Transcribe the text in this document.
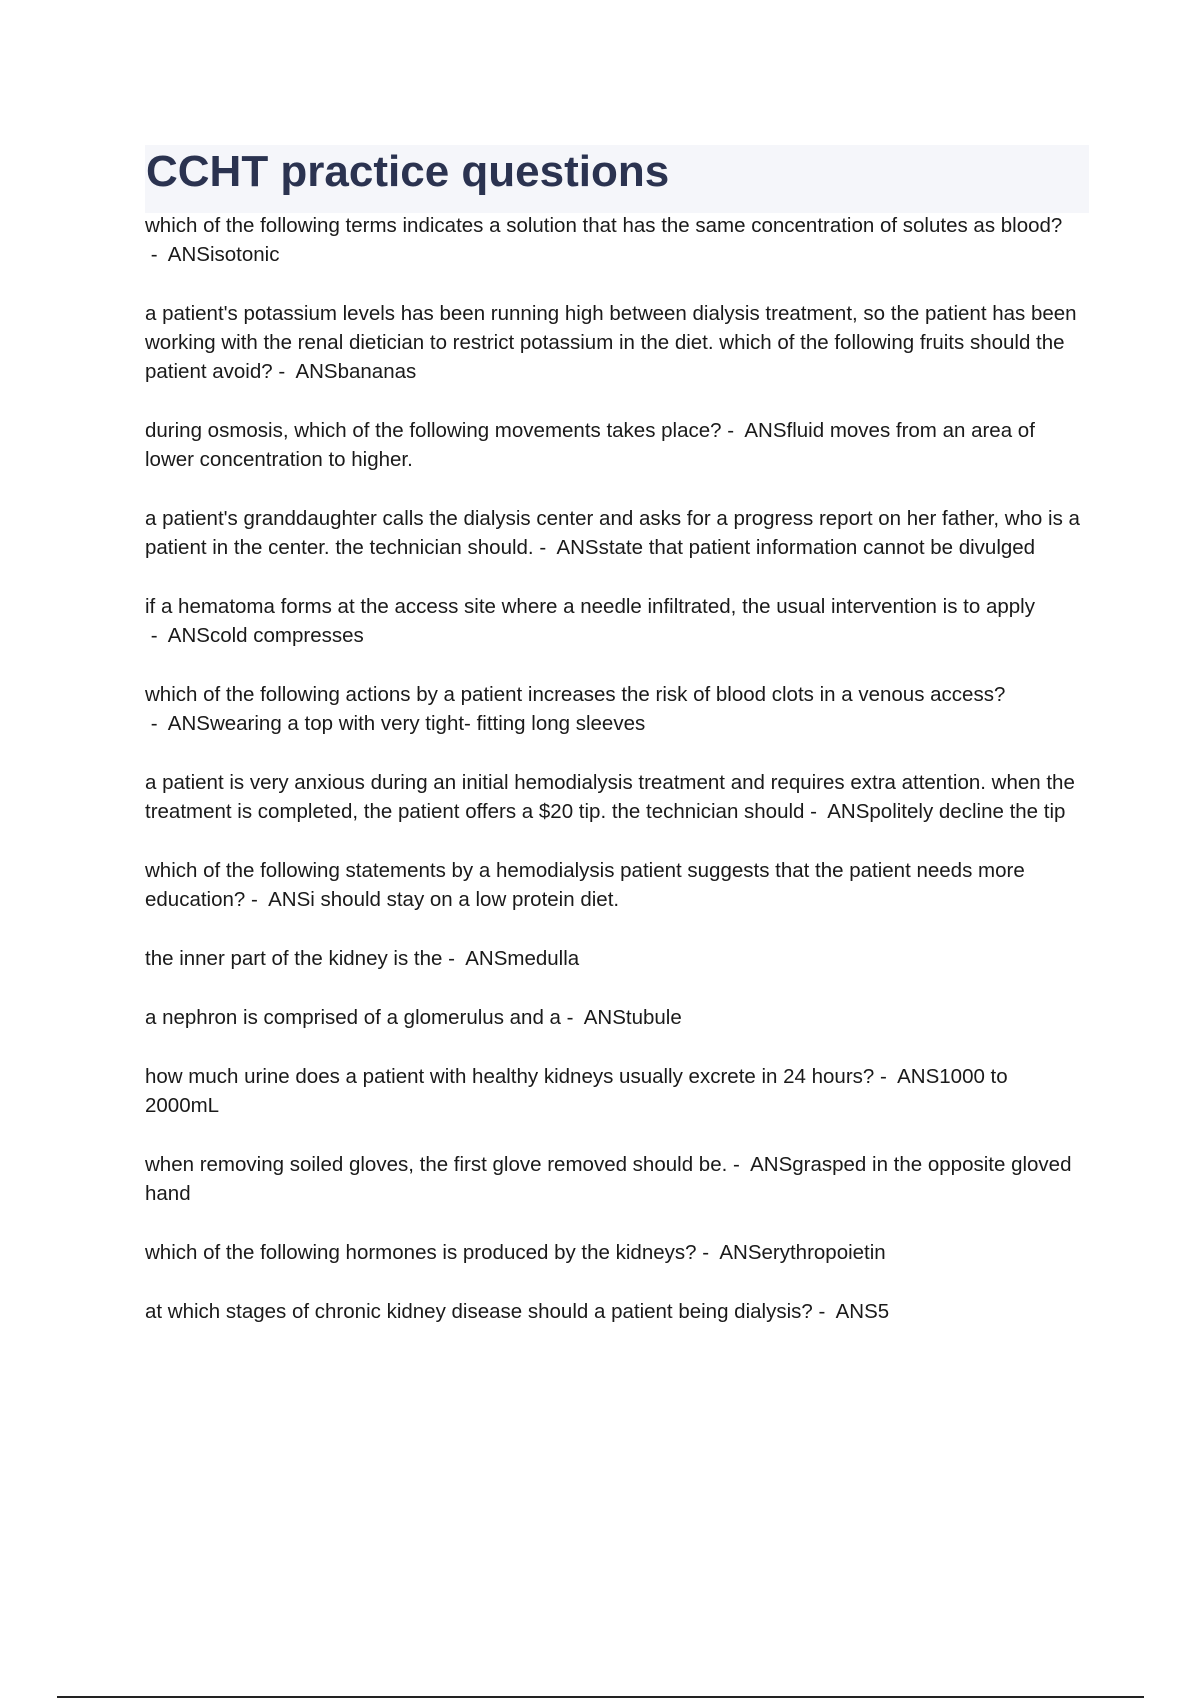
CCHT practice questions

which of the following terms indicates a solution that has the same concentration of solutes as blood? -  ANSisotonic

a patient's potassium levels has been running high between dialysis treatment, so the patient has been working with the renal dietician to restrict potassium in the diet. which of the following fruits should the patient avoid? -  ANSbananas

during osmosis, which of the following movements takes place? -  ANSfluid moves from an area of lower concentration to higher.

a patient's granddaughter calls the dialysis center and asks for a progress report on her father, who is a patient in the center. the technician should. -  ANSstate that patient information cannot be divulged

if a hematoma forms at the access site where a needle infiltrated, the usual intervention is to apply -  ANScold compresses

which of the following actions by a patient increases the risk of blood clots in a venous access? -  ANSwearing a top with very tight- fitting long sleeves

a patient is very anxious during an initial hemodialysis treatment and requires extra attention. when the treatment is completed, the patient offers a $20 tip. the technician should -  ANSpolitely decline the tip

which of the following statements by a hemodialysis patient suggests that the patient needs more education? -  ANSi should stay on a low protein diet.

the inner part of the kidney is the -  ANSmedulla

a nephron is comprised of a glomerulus and a -  ANStubule

how much urine does a patient with healthy kidneys usually excrete in 24 hours? -  ANS1000 to 2000mL

when removing soiled gloves, the first glove removed should be. -  ANSgrasped in the opposite gloved hand

which of the following hormones is produced by the kidneys? -  ANSerythropoietin

at which stages of chronic kidney disease should a patient being dialysis? -  ANS5
